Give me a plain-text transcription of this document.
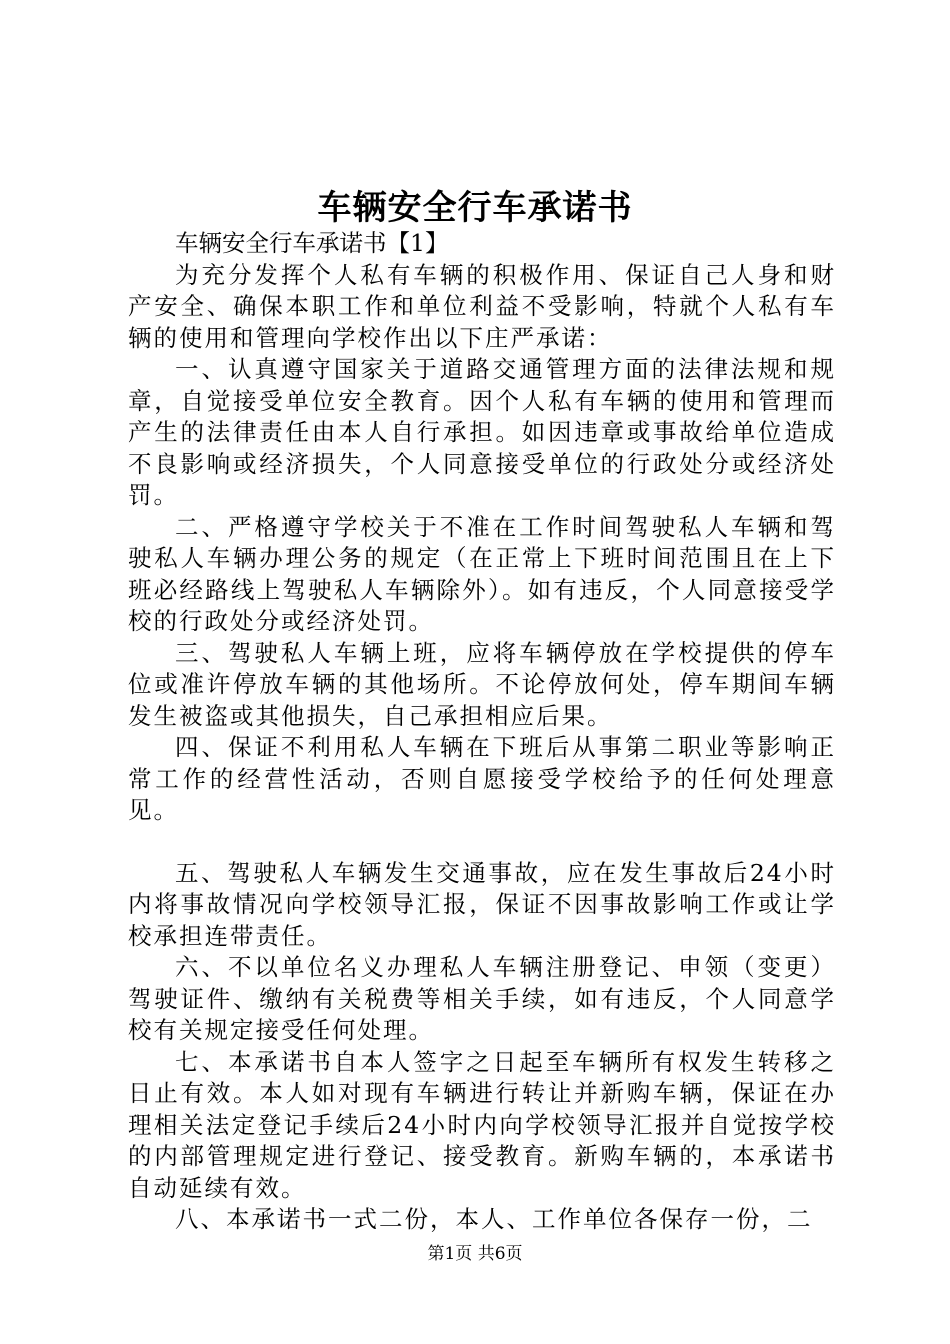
车辆安全行车承诺书

车辆安全行车承诺书【1】

为充分发挥个人私有车辆的积极作用、保证自己人身和财产安全、确保本职工作和单位利益不受影响，特就个人私有车辆的使用和管理向学校作出以下庄严承诺：

一、认真遵守国家关于道路交通管理方面的法律法规和规章，自觉接受单位安全教育。因个人私有车辆的使用和管理而产生的法律责任由本人自行承担。如因违章或事故给单位造成不良影响或经济损失，个人同意接受单位的行政处分或经济处罚。

二、严格遵守学校关于不准在工作时间驾驶私人车辆和驾驶私人车辆办理公务的规定（在正常上下班时间范围且在上下班必经路线上驾驶私人车辆除外）。如有违反，个人同意接受学校的行政处分或经济处罚。

三、驾驶私人车辆上班，应将车辆停放在学校提供的停车位或准许停放车辆的其他场所。不论停放何处，停车期间车辆发生被盗或其他损失，自己承担相应后果。

四、保证不利用私人车辆在下班后从事第二职业等影响正常工作的经营性活动，否则自愿接受学校给予的任何处理意见。

五、驾驶私人车辆发生交通事故，应在发生事故后24小时内将事故情况向学校领导汇报，保证不因事故影响工作或让学校承担连带责任。

六、不以单位名义办理私人车辆注册登记、申领（变更）驾驶证件、缴纳有关税费等相关手续，如有违反，个人同意学校有关规定接受任何处理。

七、本承诺书自本人签字之日起至车辆所有权发生转移之日止有效。本人如对现有车辆进行转让并新购车辆，保证在办理相关法定登记手续后24小时内向学校领导汇报并自觉按学校的内部管理规定进行登记、接受教育。新购车辆的，本承诺书自动延续有效。

八、本承诺书一式二份，本人、工作单位各保存一份，二

第1页 共6页
